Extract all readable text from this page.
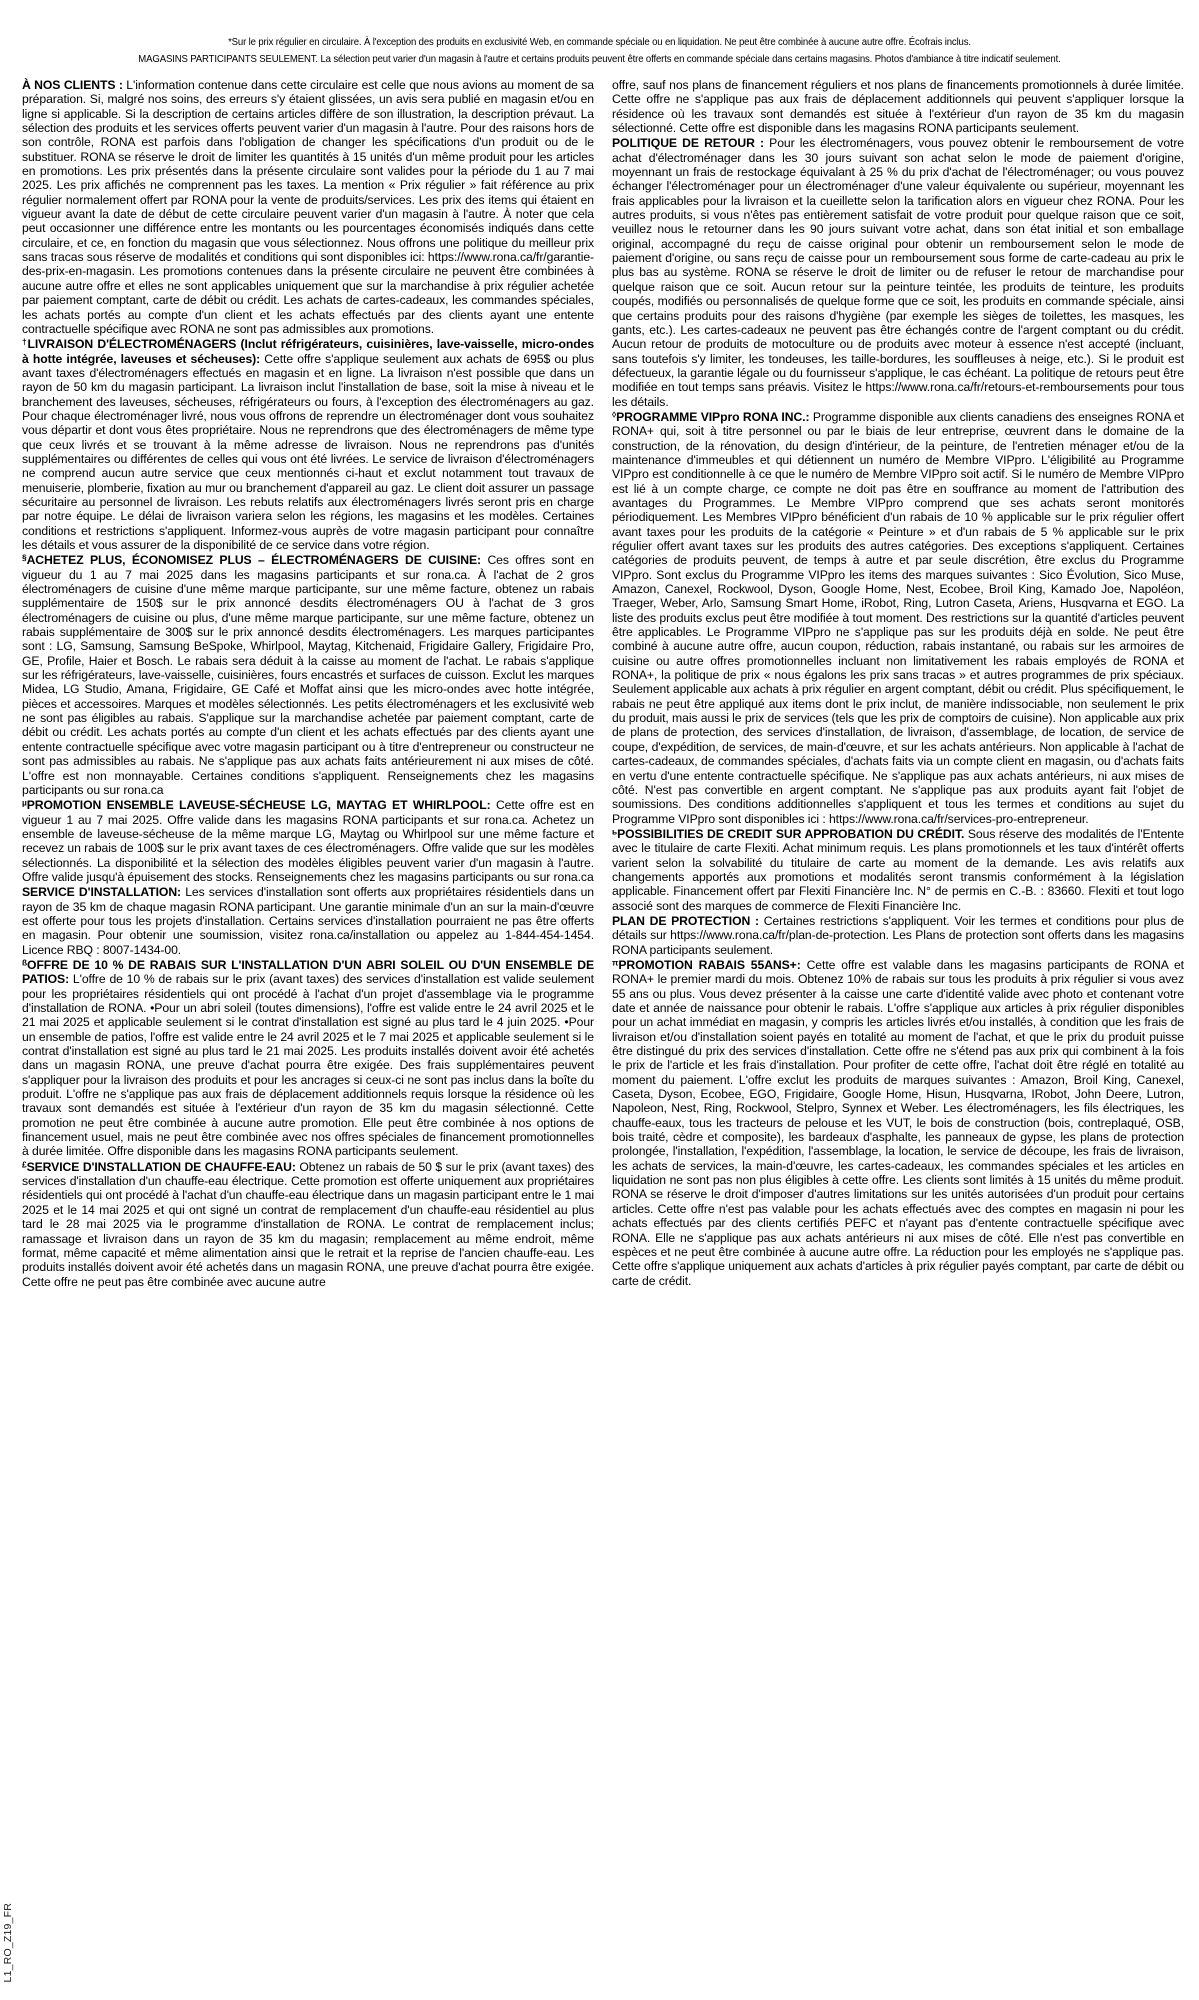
L1_RO_Z19_FR
*Sur le prix régulier en circulaire. À l'exception des produits en exclusivité Web, en commande spéciale ou en liquidation. Ne peut être combinée à aucune autre offre. Écofrais inclus.
MAGASINS PARTICIPANTS SEULEMENT. La sélection peut varier d'un magasin à l'autre et certains produits peuvent être offerts en commande spéciale dans certains magasins. Photos d'ambiance à titre indicatif seulement.

À NOS CLIENTS : L'information contenue dans cette circulaire est celle que nous avions au moment de sa préparation. Si, malgré nos soins, des erreurs s'y étaient glissées, un avis sera publié en magasin et/ou en ligne si applicable. Si la description de certains articles diffère de son illustration, la description prévaut. La sélection des produits et les services offerts peuvent varier d'un magasin à l'autre. Pour des raisons hors de son contrôle, RONA est parfois dans l'obligation de changer les spécifications d'un produit ou de le substituer. RONA se réserve le droit de limiter les quantités à 15 unités d'un même produit pour les articles en promotions. Les prix présentés dans la présente circulaire sont valides pour la période du 1 au 7 mai 2025. Les prix affichés ne comprennent pas les taxes. La mention « Prix régulier » fait référence au prix régulier normalement offert par RONA pour la vente de produits/services. Les prix des items qui étaient en vigueur avant la date de début de cette circulaire peuvent varier d'un magasin à l'autre. À noter que cela peut occasionner une différence entre les montants ou les pourcentages économisés indiqués dans cette circulaire, et ce, en fonction du magasin que vous sélectionnez. Nous offrons une politique du meilleur prix sans tracas sous réserve de modalités et conditions qui sont disponibles ici: https://www.rona.ca/fr/garantie-des-prix-en-magasin. Les promotions contenues dans la présente circulaire ne peuvent être combinées à aucune autre offre et elles ne sont applicables uniquement que sur la marchandise à prix régulier achetée par paiement comptant, carte de débit ou crédit. Les achats de cartes-cadeaux, les commandes spéciales, les achats portés au compte d'un client et les achats effectués par des clients ayant une entente contractuelle spécifique avec RONA ne sont pas admissibles aux promotions.

†LIVRAISON D'ÉLECTROMÉNAGERS (Inclut réfrigérateurs, cuisinières, lave-vaisselle, micro-ondes à hotte intégrée, laveuses et sécheuses): Cette offre s'applique seulement aux achats de 695$ ou plus avant taxes d'électroménagers effectués en magasin et en ligne. La livraison n'est possible que dans un rayon de 50 km du magasin participant. La livraison inclut l'installation de base, soit la mise à niveau et le branchement des laveuses, sécheuses, réfrigérateurs ou fours, à l'exception des électroménagers au gaz. Pour chaque électroménager livré, nous vous offrons de reprendre un électroménager dont vous souhaitez vous départir et dont vous êtes propriétaire. Nous ne reprendrons que des électroménagers de même type que ceux livrés et se trouvant à la même adresse de livraison. Nous ne reprendrons pas d'unités supplémentaires ou différentes de celles qui vous ont été livrées. Le service de livraison d'électroménagers ne comprend aucun autre service que ceux mentionnés ci-haut et exclut notamment tout travaux de menuiserie, plomberie, fixation au mur ou branchement d'appareil au gaz. Le client doit assurer un passage sécuritaire au personnel de livraison. Les rebuts relatifs aux électroménagers livrés seront pris en charge par notre équipe. Le délai de livraison variera selon les régions, les magasins et les modèles. Certaines conditions et restrictions s'appliquent. Informez-vous auprès de votre magasin participant pour connaître les détails et vous assurer de la disponibilité de ce service dans votre région.

§ACHETEZ PLUS, ÉCONOMISEZ PLUS – ÉLECTROMÉNAGERS DE CUISINE: Ces offres sont en vigueur du 1 au 7 mai 2025 dans les magasins participants et sur rona.ca. À l'achat de 2 gros électroménagers de cuisine d'une même marque participante, sur une même facture, obtenez un rabais supplémentaire de 150$ sur le prix annoncé desdits électroménagers OU à l'achat de 3 gros électroménagers de cuisine ou plus, d'une même marque participante, sur une même facture, obtenez un rabais supplémentaire de 300$ sur le prix annoncé desdits électroménagers. Les marques participantes sont : LG, Samsung, Samsung BeSpoke, Whirlpool, Maytag, Kitchenaid, Frigidaire Gallery, Frigidaire Pro, GE, Profile, Haier et Bosch. Le rabais sera déduit à la caisse au moment de l'achat. Le rabais s'applique sur les réfrigérateurs, lave-vaisselle, cuisinières, fours encastrés et surfaces de cuisson. Exclut les marques Midea, LG Studio, Amana, Frigidaire, GE Café et Moffat ainsi que les micro-ondes avec hotte intégrée, pièces et accessoires. Marques et modèles sélectionnés. Les petits électroménagers et les exclusivité web ne sont pas éligibles au rabais. S'applique sur la marchandise achetée par paiement comptant, carte de débit ou crédit. Les achats portés au compte d'un client et les achats effectués par des clients ayant une entente contractuelle spécifique avec votre magasin participant ou à titre d'entrepreneur ou constructeur ne sont pas admissibles au rabais. Ne s'applique pas aux achats faits antérieurement ni aux mises de côté. L'offre est non monnayable. Certaines conditions s'appliquent. Renseignements chez les magasins participants ou sur rona.ca

$^\mu$PROMOTION ENSEMBLE LAVEUSE-SÉCHEUSE LG, MAYTAG ET WHIRLPOOL: Cette offre est en vigueur 1 au 7 mai 2025. Offre valide dans les magasins RONA participants et sur rona.ca. Achetez un ensemble de laveuse-sécheuse de la même marque LG, Maytag ou Whirlpool sur une même facture et recevez un rabais de 100$ sur le prix avant taxes de ces électroménagers. Offre valide que sur les modèles sélectionnés. La disponibilité et la sélection des modèles éligibles peuvent varier d'un magasin à l'autre. Offre valide jusqu'à épuisement des stocks. Renseignements chez les magasins participants ou sur rona.ca

SERVICE D'INSTALLATION: Les services d'installation sont offerts aux propriétaires résidentiels dans un rayon de 35 km de chaque magasin RONA participant. Une garantie minimale d'un an sur la main-d'œuvre est offerte pour tous les projets d'installation. Certains services d'installation pourraient ne pas être offerts en magasin. Pour obtenir une soumission, visitez rona.ca/installation ou appelez au 1-844-454-1454. Licence RBQ : 8007-1434-00.

$^ß$OFFRE DE 10 % DE RABAIS SUR L'INSTALLATION D'UN ABRI SOLEIL OU D'UN ENSEMBLE DE PATIOS: L'offre de 10 % de rabais sur le prix (avant taxes) des services d'installation est valide seulement pour les propriétaires résidentiels qui ont procédé à l'achat d'un projet d'assemblage via le programme d'installation de RONA. •Pour un abri soleil (toutes dimensions), l'offre est valide entre le 24 avril 2025 et le 21 mai 2025 et applicable seulement si le contrat d'installation est signé au plus tard le 4 juin 2025. •Pour un ensemble de patios, l'offre est valide entre le 24 avril 2025 et le 7 mai 2025 et applicable seulement si le contrat d'installation est signé au plus tard le 21 mai 2025. Les produits installés doivent avoir été achetés dans un magasin RONA, une preuve d'achat pourra être exigée. Des frais supplémentaires peuvent s'appliquer pour la livraison des produits et pour les ancrages si ceux-ci ne sont pas inclus dans la boîte du produit. L'offre ne s'applique pas aux frais de déplacement additionnels requis lorsque la résidence où les travaux sont demandés est située à l'extérieur d'un rayon de 35 km du magasin sélectionné. Cette promotion ne peut être combinée à aucune autre promotion. Elle peut être combinée à nos options de financement usuel, mais ne peut être combinée avec nos offres spéciales de financement promotionnelles à durée limitée. Offre disponible dans les magasins RONA participants seulement.

£SERVICE D'INSTALLATION DE CHAUFFE-EAU: Obtenez un rabais de 50 $ sur le prix (avant taxes) des services d'installation d'un chauffe-eau électrique. Cette promotion est offerte uniquement aux propriétaires résidentiels qui ont procédé à l'achat d'un chauffe-eau électrique dans un magasin participant entre le 1 mai 2025 et le 14 mai 2025 et qui ont signé un contrat de remplacement d'un chauffe-eau résidentiel au plus tard le 28 mai 2025 via le programme d'installation de RONA. Le contrat de remplacement inclus; ramassage et livraison dans un rayon de 35 km du magasin; remplacement au même endroit, même format, même capacité et même alimentation ainsi que le retrait et la reprise de l'ancien chauffe-eau. Les produits installés doivent avoir été achetés dans un magasin RONA, une preuve d'achat pourra être exigée. Cette offre ne peut pas être combinée avec aucune autre

offre, sauf nos plans de financement réguliers et nos plans de financements promotionnels à durée limitée. Cette offre ne s'applique pas aux frais de déplacement additionnels qui peuvent s'appliquer lorsque la résidence où les travaux sont demandés est située à l'extérieur d'un rayon de 35 km du magasin sélectionné. Cette offre est disponible dans les magasins RONA participants seulement.

POLITIQUE DE RETOUR : Pour les électroménagers, vous pouvez obtenir le remboursement de votre achat d'électroménager dans les 30 jours suivant son achat selon le mode de paiement d'origine, moyennant un frais de restockage équivalant à 25 % du prix d'achat de l'électroménager; ou vous pouvez échanger l'électroménager pour un électroménager d'une valeur équivalente ou supérieur, moyennant les frais applicables pour la livraison et la cueillette selon la tarification alors en vigueur chez RONA. Pour les autres produits, si vous n'êtes pas entièrement satisfait de votre produit pour quelque raison que ce soit, veuillez nous le retourner dans les 90 jours suivant votre achat, dans son état initial et son emballage original, accompagné du reçu de caisse original pour obtenir un remboursement selon le mode de paiement d'origine, ou sans reçu de caisse pour un remboursement sous forme de carte-cadeau au prix le plus bas au système. RONA se réserve le droit de limiter ou de refuser le retour de marchandise pour quelque raison que ce soit. Aucun retour sur la peinture teintée, les produits de teinture, les produits coupés, modifiés ou personnalisés de quelque forme que ce soit, les produits en commande spéciale, ainsi que certains produits pour des raisons d'hygiène (par exemple les sièges de toilettes, les masques, les gants, etc.). Les cartes-cadeaux ne peuvent pas être échangés contre de l'argent comptant ou du crédit. Aucun retour de produits de motoculture ou de produits avec moteur à essence n'est accepté (incluant, sans toutefois s'y limiter, les tondeuses, les taille-bordures, les souffleuses à neige, etc.). Si le produit est défectueux, la garantie légale ou du fournisseur s'applique, le cas échéant. La politique de retours peut être modifiée en tout temps sans préavis. Visitez le https://www.rona.ca/fr/retours-et-remboursements pour tous les détails.

◊PROGRAMME VIPpro RONA INC.: Programme disponible aux clients canadiens des enseignes RONA et RONA+ qui, soit à titre personnel ou par le biais de leur entreprise, œuvrent dans le domaine de la construction, de la rénovation, du design d'intérieur, de la peinture, de l'entretien ménager et/ou de la maintenance d'immeubles et qui détiennent un numéro de Membre VIPpro. L'éligibilité au Programme VIPpro est conditionnelle à ce que le numéro de Membre VIPpro soit actif. Si le numéro de Membre VIPpro est lié à un compte charge, ce compte ne doit pas être en souffrance au moment de l'attribution des avantages du Programmes. Le Membre VIPpro comprend que ses achats seront monitorés périodiquement. Les Membres VIPpro bénéficient d'un rabais de 10 % applicable sur le prix régulier offert avant taxes pour les produits de la catégorie « Peinture » et d'un rabais de 5 % applicable sur le prix régulier offert avant taxes sur les produits des autres catégories. Des exceptions s'appliquent. Certaines catégories de produits peuvent, de temps à autre et par seule discrétion, être exclus du Programme VIPpro. Sont exclus du Programme VIPpro les items des marques suivantes : Sico Évolution, Sico Muse, Amazon, Canexel, Rockwool, Dyson, Google Home, Nest, Ecobee, Broil King, Kamado Joe, Napoléon, Traeger, Weber, Arlo, Samsung Smart Home, iRobot, Ring, Lutron Caseta, Ariens, Husqvarna et EGO. La liste des produits exclus peut être modifiée à tout moment. Des restrictions sur la quantité d'articles peuvent être applicables. Le Programme VIPpro ne s'applique pas sur les produits déjà en solde. Ne peut être combiné à aucune autre offre, aucun coupon, réduction, rabais instantané, ou rabais sur les armoires de cuisine ou autre offres promotionnelles incluant non limitativement les rabais employés de RONA et RONA+, la politique de prix « nous égalons les prix sans tracas » et autres programmes de prix spéciaux. Seulement applicable aux achats à prix régulier en argent comptant, débit ou crédit. Plus spécifiquement, le rabais ne peut être appliqué aux items dont le prix inclut, de manière indissociable, non seulement le prix du produit, mais aussi le prix de services (tels que les prix de comptoirs de cuisine). Non applicable aux prix de plans de protection, des services d'installation, de livraison, d'assemblage, de location, de service de coupe, d'expédition, de services, de main-d'œuvre, et sur les achats antérieurs. Non applicable à l'achat de cartes-cadeaux, de commandes spéciales, d'achats faits via un compte client en magasin, ou d'achats faits en vertu d'une entente contractuelle spécifique. Ne s'applique pas aux achats antérieurs, ni aux mises de côté. N'est pas convertible en argent comptant. Ne s'applique pas aux produits ayant fait l'objet de soumissions. Des conditions additionnelles s'appliquent et tous les termes et conditions au sujet du Programme VIPpro sont disponibles ici : https://www.rona.ca/fr/services-pro-entrepreneur.

$^ь$POSSIBILITIES DE CREDIT SUR APPROBATION DU CRÉDIT. Sous réserve des modalités de l'Entente avec le titulaire de carte Flexiti. Achat minimum requis. Les plans promotionnels et les taux d'intérêt offerts varient selon la solvabilité du titulaire de carte au moment de la demande. Les avis relatifs aux changements apportés aux promotions et modalités seront transmis conformément à la législation applicable. Financement offert par Flexiti Financière Inc. N° de permis en C.-B. : 83660. Flexiti et tout logo associé sont des marques de commerce de Flexiti Financière Inc.

PLAN DE PROTECTION : Certaines restrictions s'appliquent. Voir les termes et conditions pour plus de détails sur https://www.rona.ca/fr/plan-de-protection. Les Plans de protection sont offerts dans les magasins RONA participants seulement.

$^\pi$PROMOTION RABAIS 55ANS+: Cette offre est valable dans les magasins participants de RONA et RONA+ le premier mardi du mois. Obtenez 10% de rabais sur tous les produits à prix régulier si vous avez 55 ans ou plus. Vous devez présenter à la caisse une carte d'identité valide avec photo et contenant votre date et année de naissance pour obtenir le rabais. L'offre s'applique aux articles à prix régulier disponibles pour un achat immédiat en magasin, y compris les articles livrés et/ou installés, à condition que les frais de livraison et/ou d'installation soient payés en totalité au moment de l'achat, et que le prix du produit puisse être distingué du prix des services d'installation. Cette offre ne s'étend pas aux prix qui combinent à la fois le prix de l'article et les frais d'installation. Pour profiter de cette offre, l'achat doit être réglé en totalité au moment du paiement. L'offre exclut les produits de marques suivantes : Amazon, Broil King, Canexel, Caseta, Dyson, Ecobee, EGO, Frigidaire, Google Home, Hisun, Husqvarna, IRobot, John Deere, Lutron, Napoleon, Nest, Ring, Rockwool, Stelpro, Synnex et Weber. Les électroménagers, les fils électriques, les chauffe-eaux, tous les tracteurs de pelouse et les VUT, le bois de construction (bois, contreplaqué, OSB, bois traité, cèdre et composite), les bardeaux d'asphalte, les panneaux de gypse, les plans de protection prolongée, l'installation, l'expédition, l'assemblage, la location, le service de découpe, les frais de livraison, les achats de services, la main-d'œuvre, les cartes-cadeaux, les commandes spéciales et les articles en liquidation ne sont pas non plus éligibles à cette offre. Les clients sont limités à 15 unités du même produit. RONA se réserve le droit d'imposer d'autres limitations sur les unités autorisées d'un produit pour certains articles. Cette offre n'est pas valable pour les achats effectués avec des comptes en magasin ni pour les achats effectués par des clients certifiés PEFC et n'ayant pas d'entente contractuelle spécifique avec RONA. Elle ne s'applique pas aux achats antérieurs ni aux mises de côté. Elle n'est pas convertible en espèces et ne peut être combinée à aucune autre offre. La réduction pour les employés ne s'applique pas. Cette offre s'applique uniquement aux achats d'articles à prix régulier payés comptant, par carte de débit ou carte de crédit.
